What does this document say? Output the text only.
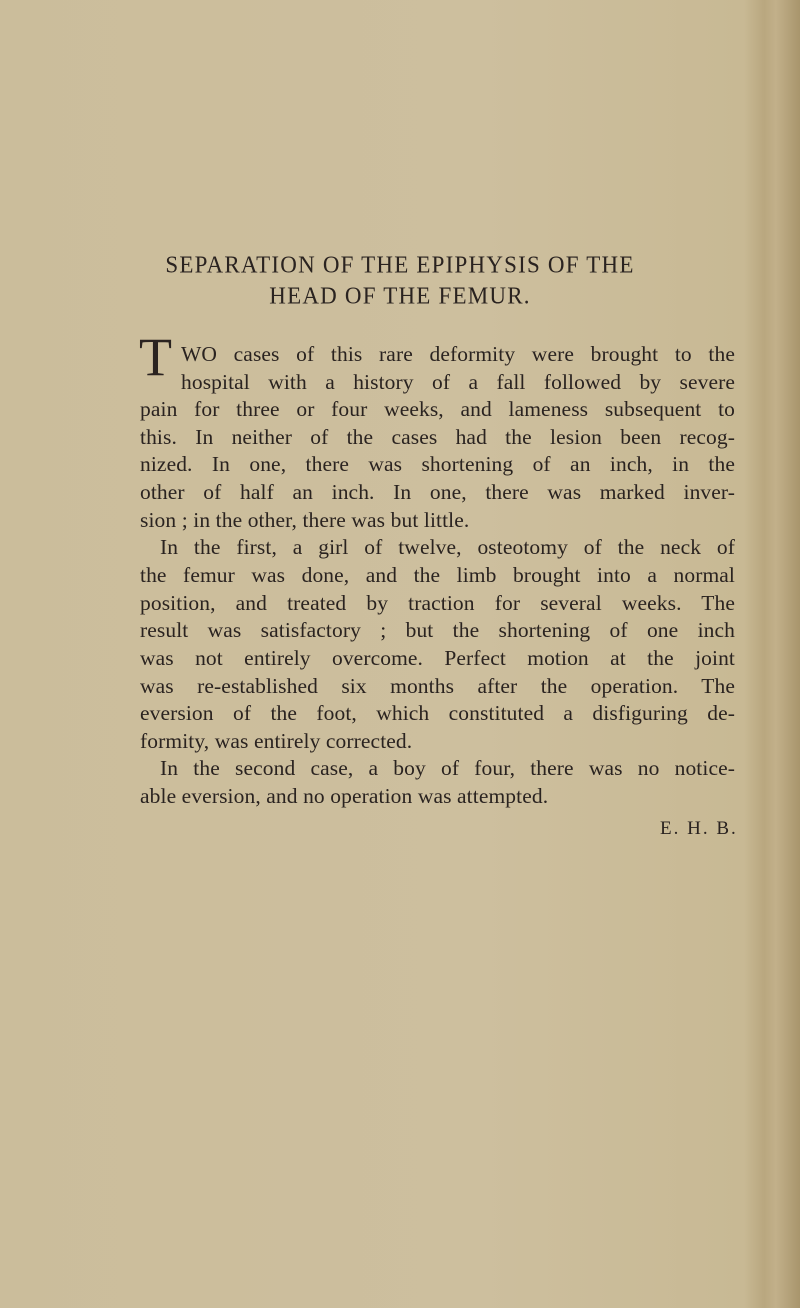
SEPARATION OF THE EPIPHYSIS OF THE
HEAD OF THE FEMUR.
T WO cases of this rare deformity were brought to the
hospital with a history of a fall followed by severe
pain for three or four weeks, and lameness subsequent to
this. In neither of the cases had the lesion been recog-
nized. In one, there was shortening of an inch, in the
other of half an inch. In one, there was marked inver-
sion ; in the other, there was but little.
In the first, a girl of twelve, osteotomy of the neck of
the femur was done, and the limb brought into a normal
position, and treated by traction for several weeks. The
result was satisfactory ; but the shortening of one inch
was not entirely overcome. Perfect motion at the joint
was re-established six months after the operation. The
eversion of the foot, which constituted a disfiguring de-
formity, was entirely corrected.
In the second case, a boy of four, there was no notice-
able eversion, and no operation was attempted.
E. H. B.
